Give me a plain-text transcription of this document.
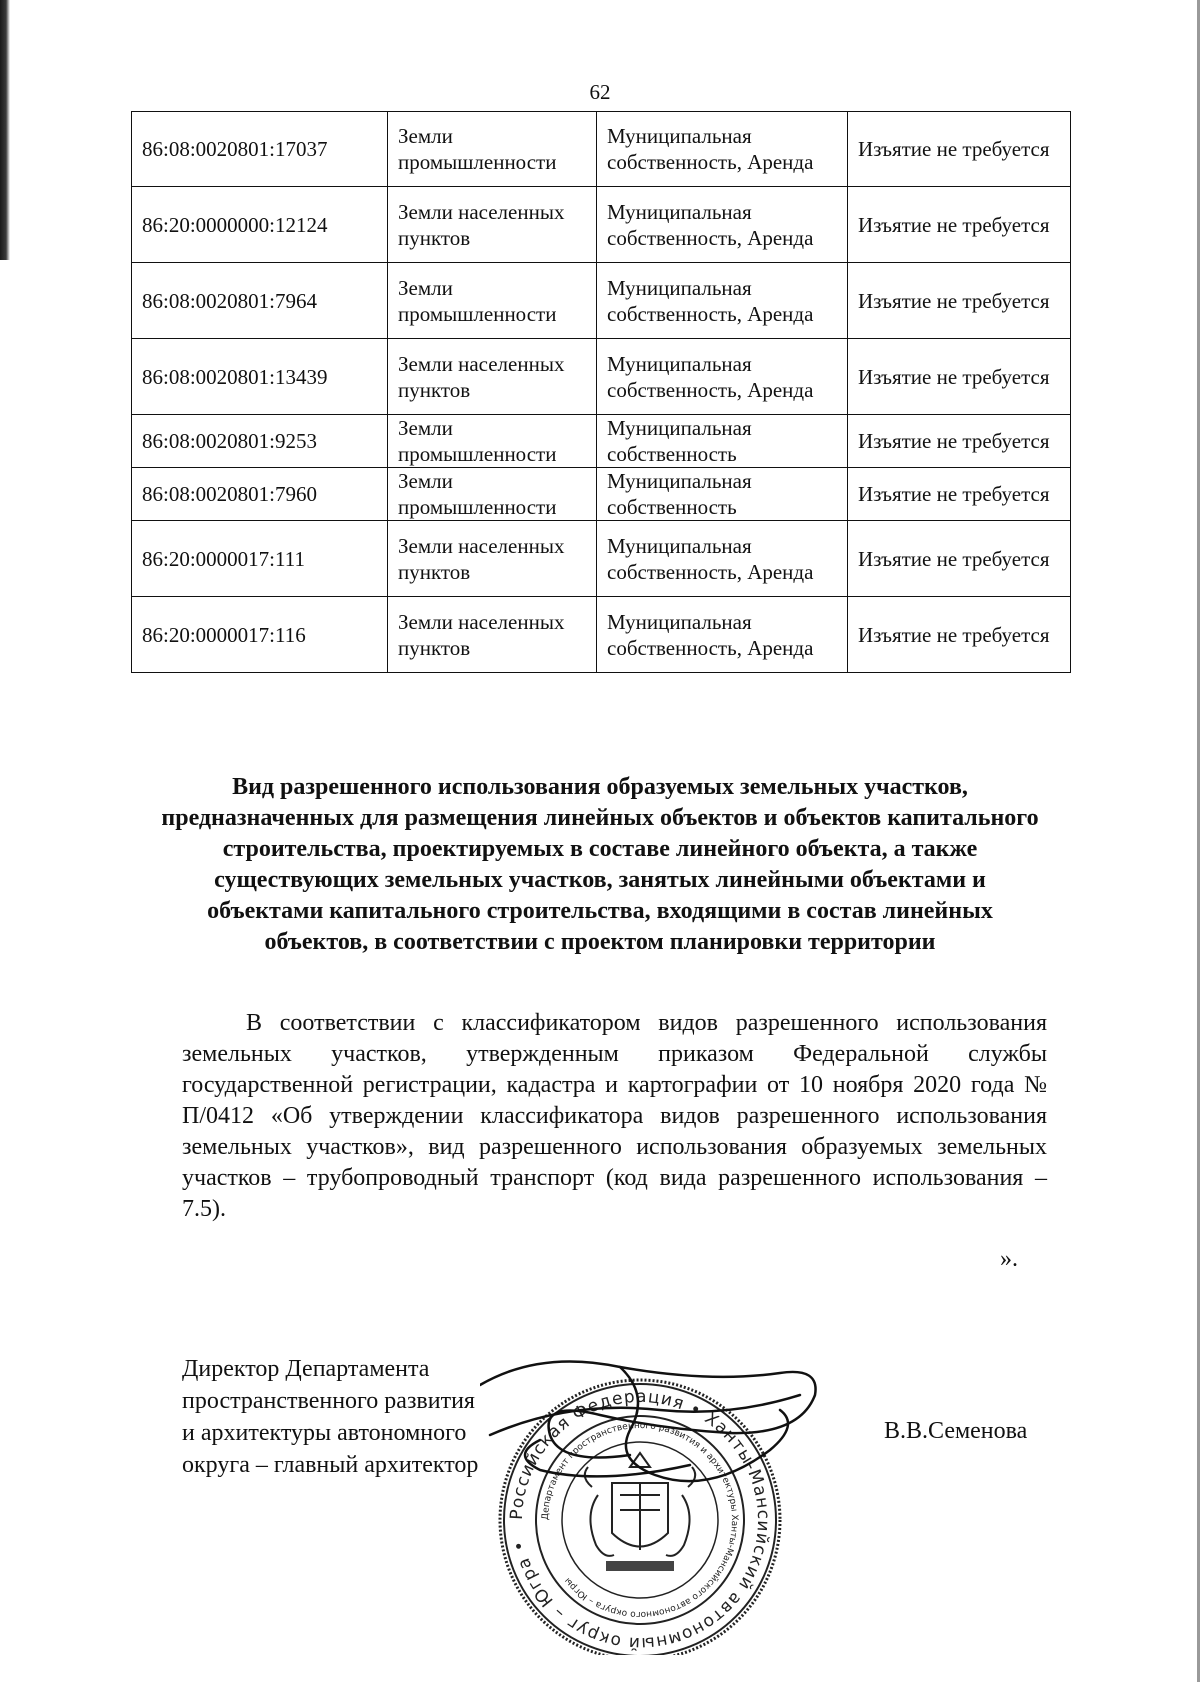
62
86:08:0020801:17037	Земли промышленности	Муниципальная собственность, Аренда	Изъятие не требуется
86:20:0000000:12124	Земли населенных пунктов	Муниципальная собственность, Аренда	Изъятие не требуется
86:08:0020801:7964	Земли промышленности	Муниципальная собственность, Аренда	Изъятие не требуется
86:08:0020801:13439	Земли населенных пунктов	Муниципальная собственность, Аренда	Изъятие не требуется
86:08:0020801:9253	Земли промышленности	Муниципальная собственность	Изъятие не требуется
86:08:0020801:7960	Земли промышленности	Муниципальная собственность	Изъятие не требуется
86:20:0000017:111	Земли населенных пунктов	Муниципальная собственность, Аренда	Изъятие не требуется
86:20:0000017:116	Земли населенных пунктов	Муниципальная собственность, Аренда	Изъятие не требуется
Вид разрешенного использования образуемых земельных участков, предназначенных для размещения линейных объектов и объектов капитального строительства, проектируемых в составе линейного объекта, а также существующих земельных участков, занятых линейными объектами и объектами капитального строительства, входящими в состав линейных объектов, в соответствии с проектом планировки территории
В соответствии с классификатором видов разрешенного использования земельных участков, утвержденным приказом Федеральной службы государственной регистрации, кадастра и картографии от 10 ноября 2020 года № П/0412 «Об утверждении классификатора видов разрешенного использования земельных участков», вид разрешенного использования образуемых земельных участков – трубопроводный транспорт (код вида разрешенного использования – 7.5).
».
Директор Департамента
пространственного развития
и архитектуры автономного
округа – главный архитектор
Российская Федерация • Ханты-Мансийский автономный округ – Югра •
Департамент пространственного развития и архитектуры Ханты-Мансийского автономного округа – Югры
В.В.Семенова
